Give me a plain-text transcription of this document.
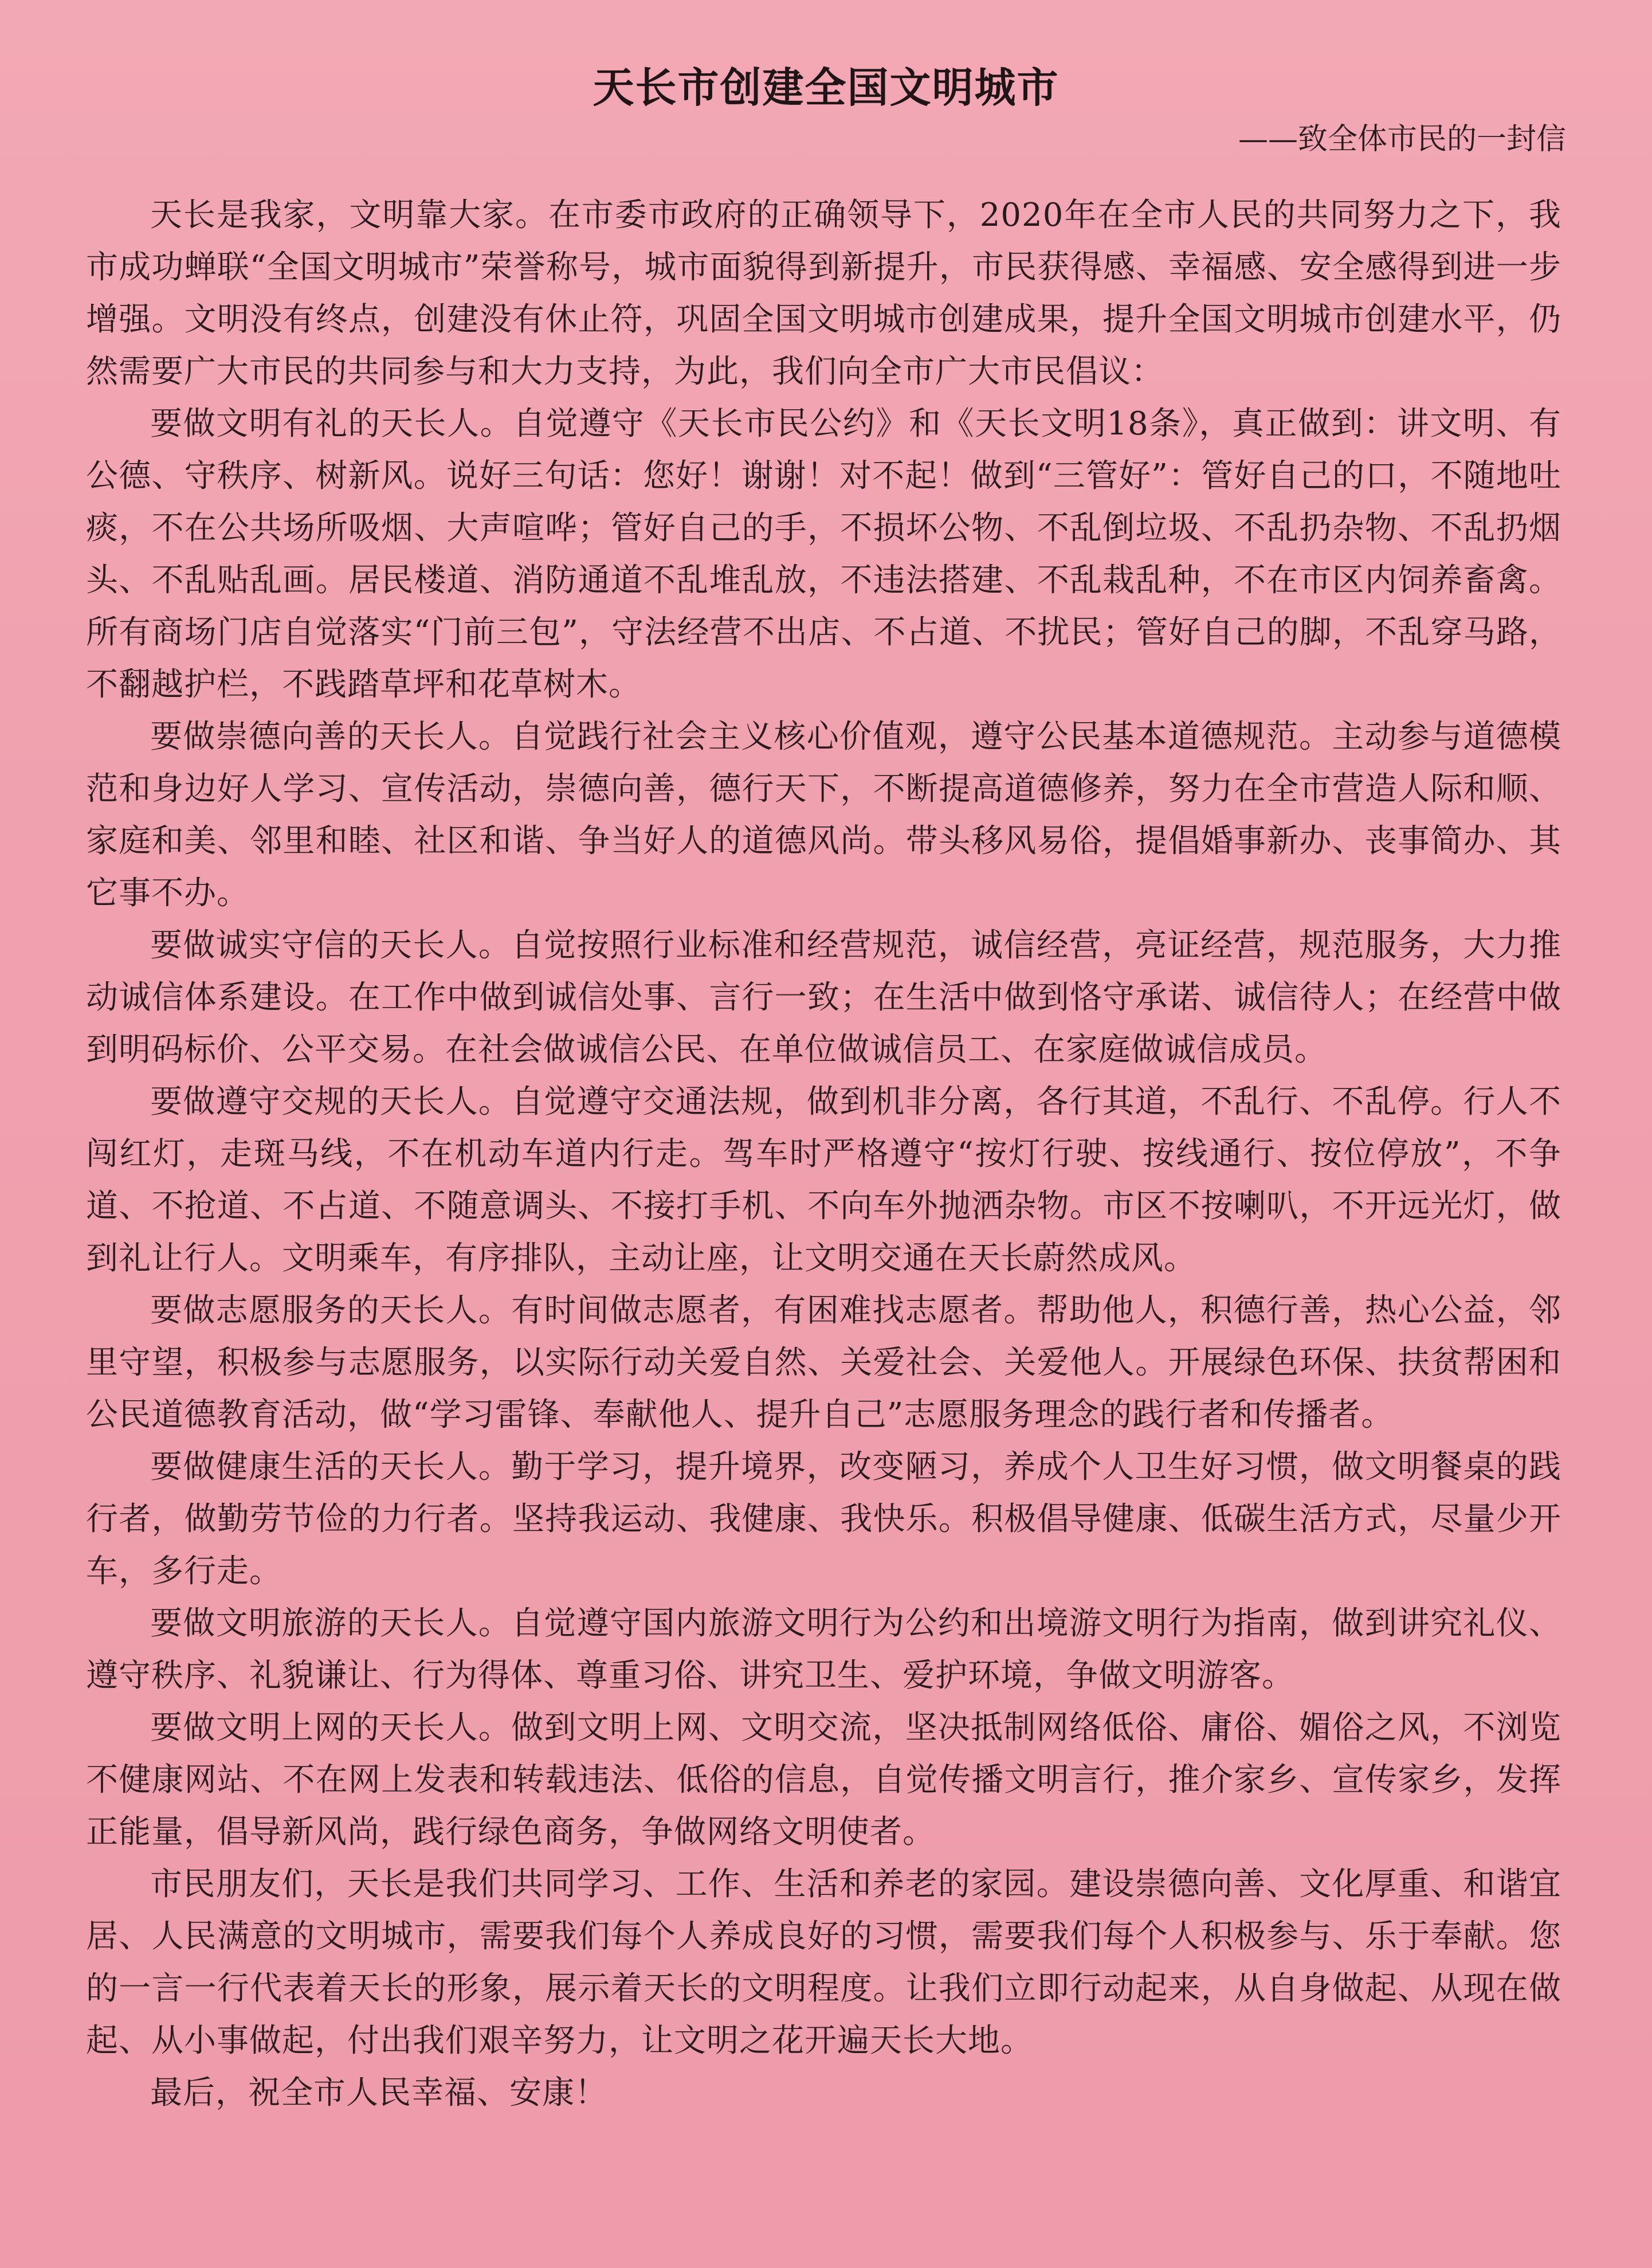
天长市创建全国文明城市

——致全体市民的一封信

天长是我家，文明靠大家。在市委市政府的正确领导下，2020年在全市人民的共同努力之下，我市成功蝉联“全国文明城市”荣誉称号，城市面貌得到新提升，市民获得感、幸福感、安全感得到进一步增强。文明没有终点，创建没有休止符，巩固全国文明城市创建成果，提升全国文明城市创建水平，仍然需要广大市民的共同参与和大力支持，为此，我们向全市广大市民倡议：

要做文明有礼的天长人。自觉遵守《天长市民公约》和《天长文明18条》，真正做到：讲文明、有公德、守秩序、树新风。说好三句话：您好！谢谢！对不起！做到“三管好”：管好自己的口，不随地吐痰，不在公共场所吸烟、大声喧哗；管好自己的手，不损坏公物、不乱倒垃圾、不乱扔杂物、不乱扔烟头、不乱贴乱画。居民楼道、消防通道不乱堆乱放，不违法搭建、不乱栽乱种，不在市区内饲养畜禽。所有商场门店自觉落实“门前三包”，守法经营不出店、不占道、不扰民；管好自己的脚，不乱穿马路，不翻越护栏，不践踏草坪和花草树木。

要做崇德向善的天长人。自觉践行社会主义核心价值观，遵守公民基本道德规范。主动参与道德模范和身边好人学习、宣传活动，崇德向善，德行天下，不断提高道德修养，努力在全市营造人际和顺、家庭和美、邻里和睦、社区和谐、争当好人的道德风尚。带头移风易俗，提倡婚事新办、丧事简办、其它事不办。

要做诚实守信的天长人。自觉按照行业标准和经营规范，诚信经营，亮证经营，规范服务，大力推动诚信体系建设。在工作中做到诚信处事、言行一致；在生活中做到恪守承诺、诚信待人；在经营中做到明码标价、公平交易。在社会做诚信公民、在单位做诚信员工、在家庭做诚信成员。

要做遵守交规的天长人。自觉遵守交通法规，做到机非分离，各行其道，不乱行、不乱停。行人不闯红灯，走斑马线，不在机动车道内行走。驾车时严格遵守“按灯行驶、按线通行、按位停放”，不争道、不抢道、不占道、不随意调头、不接打手机、不向车外抛洒杂物。市区不按喇叭，不开远光灯，做到礼让行人。文明乘车，有序排队，主动让座，让文明交通在天长蔚然成风。

要做志愿服务的天长人。有时间做志愿者，有困难找志愿者。帮助他人，积德行善，热心公益，邻里守望，积极参与志愿服务，以实际行动关爱自然、关爱社会、关爱他人。开展绿色环保、扶贫帮困和公民道德教育活动，做“学习雷锋、奉献他人、提升自己”志愿服务理念的践行者和传播者。

要做健康生活的天长人。勤于学习，提升境界，改变陋习，养成个人卫生好习惯，做文明餐桌的践行者，做勤劳节俭的力行者。坚持我运动、我健康、我快乐。积极倡导健康、低碳生活方式，尽量少开车，多行走。

要做文明旅游的天长人。自觉遵守国内旅游文明行为公约和出境游文明行为指南，做到讲究礼仪、遵守秩序、礼貌谦让、行为得体、尊重习俗、讲究卫生、爱护环境，争做文明游客。

要做文明上网的天长人。做到文明上网、文明交流，坚决抵制网络低俗、庸俗、媚俗之风，不浏览不健康网站、不在网上发表和转载违法、低俗的信息，自觉传播文明言行，推介家乡、宣传家乡，发挥正能量，倡导新风尚，践行绿色商务，争做网络文明使者。

市民朋友们，天长是我们共同学习、工作、生活和养老的家园。建设崇德向善、文化厚重、和谐宜居、人民满意的文明城市，需要我们每个人养成良好的习惯，需要我们每个人积极参与、乐于奉献。您的一言一行代表着天长的形象，展示着天长的文明程度。让我们立即行动起来，从自身做起、从现在做起、从小事做起，付出我们艰辛努力，让文明之花开遍天长大地。

最后，祝全市人民幸福、安康！
